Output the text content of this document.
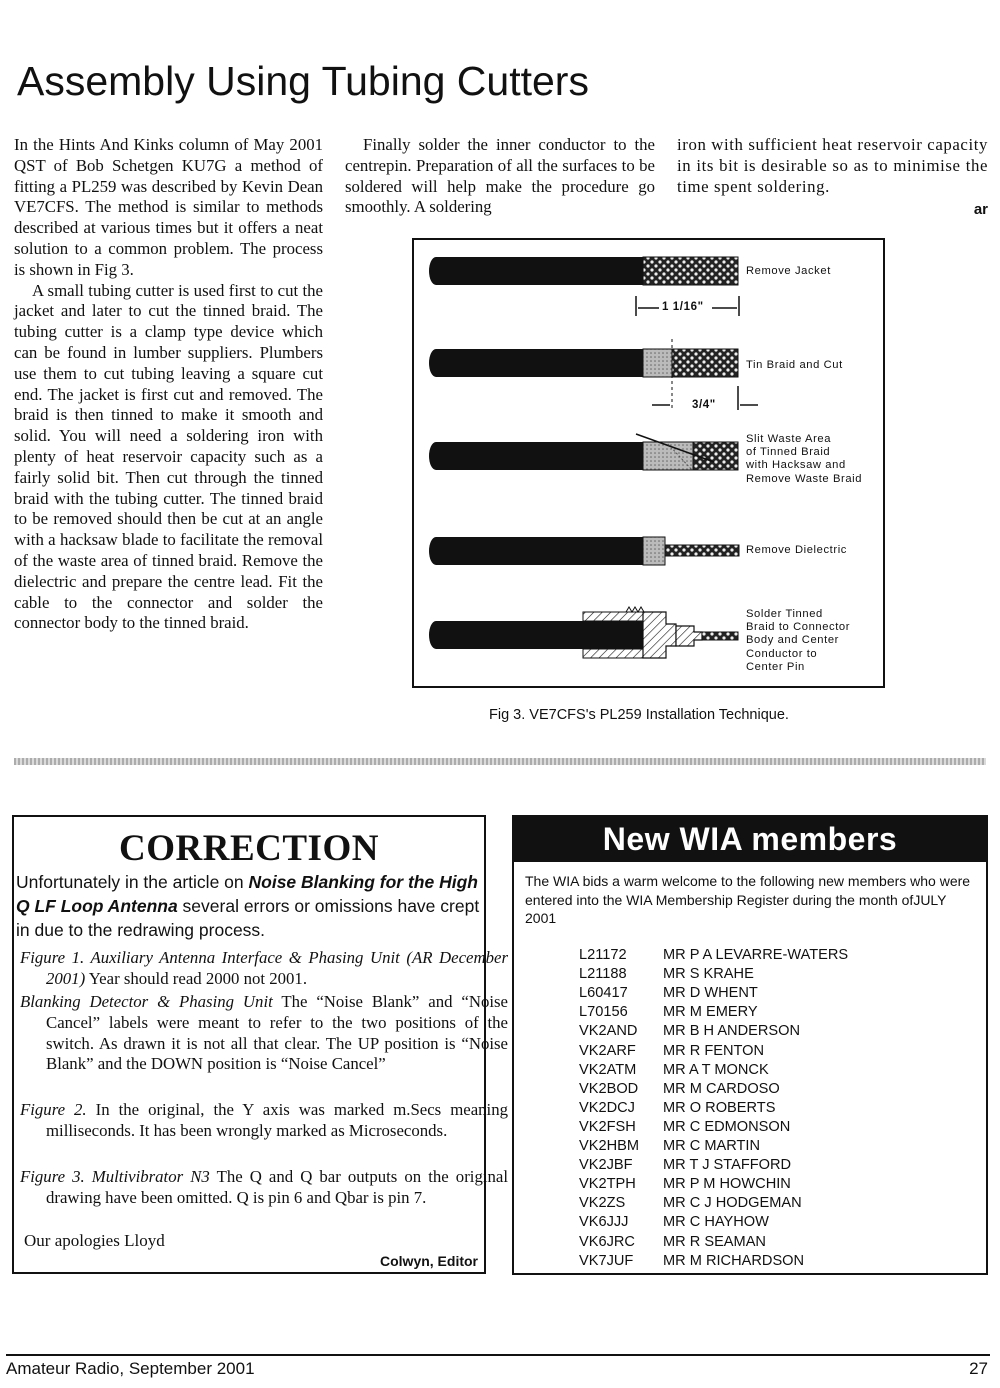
Assembly Using Tubing Cutters

In the Hints And Kinks column of May 2001 QST of Bob Schetgen KU7G a method of fitting a PL259 was described by Kevin Dean VE7CFS. The method is similar to methods described at various times but it offers a neat solution to a common problem. The process is shown in Fig 3.

A small tubing cutter is used first to cut the jacket and later to cut the tinned braid. The tubing cutter is a clamp type device which can be found in lumber suppliers. Plumbers use them to cut tubing leaving a square cut end. The jacket is first cut and removed. The braid is then tinned to make it smooth and solid. You will need a soldering iron with plenty of heat reservoir capacity such as a fairly solid bit. Then cut through the tinned braid with the tubing cutter. The tinned braid to be removed should then be cut at an angle with a hacksaw blade to facilitate the removal of the waste area of tinned braid. Remove the dielectric and prepare the centre lead. Fit the cable to the connector and solder the connector body to the tinned braid.

Finally solder the inner conductor to the centrepin. Preparation of all the surfaces to be soldered will help make the procedure go smoothly. A soldering

iron with sufficient heat reservoir capacity in its bit is desirable so as to minimise the time spent soldering.

ar
Remove Jacket
Tin Braid and Cut
Slit Waste Area
of Tinned Braid
with Hacksaw and
Remove Waste Braid
Remove Dielectric
Solder Tinned
Braid to Connector
Body and Center
Conductor to
Center Pin
1 1/16"
3/4"
Fig 3. VE7CFS's PL259 Installation Technique.
CORRECTION
Unfortunately in the article on Noise Blanking for the High Q LF Loop Antenna several errors or omissions have crept in due to the redrawing process.
Figure 1. Auxiliary Antenna Interface & Phasing Unit (AR December 2001) Year should read 2000 not 2001.
Blanking Detector & Phasing Unit The “Noise Blank” and “Noise Cancel” labels were meant to refer to the two positions of the switch. As drawn it is not all that clear. The UP position is “Noise Blank” and the DOWN position is “Noise Cancel”
Figure 2. In the original, the Y axis was marked m.Secs meaning milliseconds. It has been wrongly marked as Microseconds.
Figure 3. Multivibrator N3 The Q and Q bar outputs on the original drawing have been omitted. Q is pin 6 and Qbar is pin 7.
Our apologies Lloyd
Colwyn, Editor
New WIA members
The WIA bids a warm welcome to the following new members who were entered into the WIA Membership Register during the month ofJULY 2001
L21172 MR P A LEVARRE-WATERS
L21188 MR S KRAHE
L60417 MR D WHENT
L70156 MR M EMERY
VK2AND MR B H ANDERSON
VK2ARF MR R FENTON
VK2ATM MR A T MONCK
VK2BOD MR M CARDOSO
VK2DCJ MR O ROBERTS
VK2FSH MR C EDMONSON
VK2HBM MR C MARTIN
VK2JBF MR T J STAFFORD
VK2TPH MR P M HOWCHIN
VK2ZS	MR C J HODGEMAN
VK6JJJ MR C HAYHOW
VK6JRC MR R SEAMAN
VK7JUF MR M RICHARDSON
Amateur Radio, September 2001	27
